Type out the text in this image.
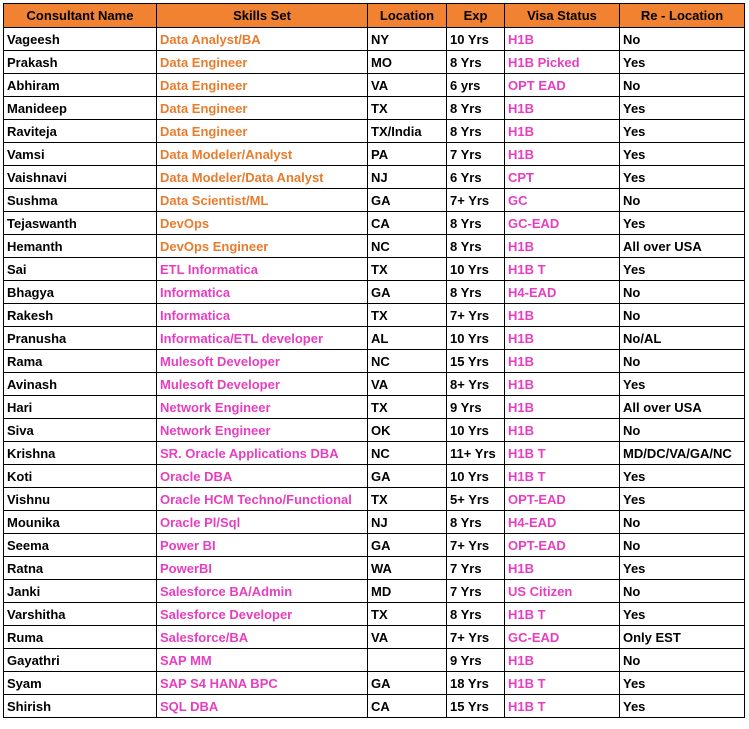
Consultant Name	Skills Set	Location	Exp	Visa Status	Re - Location
Vageesh	Data Analyst/BA	NY	10 Yrs	H1B	No
Prakash	Data Engineer	MO	8 Yrs	H1B Picked	Yes
Abhiram	Data Engineer	VA	6 yrs	OPT EAD	No
Manideep	Data Engineer	TX	8 Yrs	H1B	Yes
Raviteja	Data Engineer	TX/India	8 Yrs	H1B	Yes
Vamsi	Data Modeler/Analyst	PA	7 Yrs	H1B	Yes
Vaishnavi	Data Modeler/Data Analyst	NJ	6 Yrs	CPT	Yes
Sushma	Data Scientist/ML	GA	7+ Yrs	GC	No
Tejaswanth	DevOps	CA	8 Yrs	GC-EAD	Yes
Hemanth	DevOps Engineer	NC	8 Yrs	H1B	All over USA
Sai	ETL Informatica	TX	10 Yrs	H1B T	Yes
Bhagya	Informatica	GA	8 Yrs	H4-EAD	No
Rakesh	Informatica	TX	7+ Yrs	H1B	No
Pranusha	Informatica/ETL developer	AL	10 Yrs	H1B	No/AL
Rama	Mulesoft Developer	NC	15 Yrs	H1B	No
Avinash	Mulesoft Developer	VA	8+ Yrs	H1B	Yes
Hari	Network Engineer	TX	9 Yrs	H1B	All over USA
Siva	Network Engineer	OK	10 Yrs	H1B	No
Krishna	SR. Oracle Applications DBA	NC	11+ Yrs	H1B T	MD/DC/VA/GA/NC
Koti	Oracle DBA	GA	10 Yrs	H1B T	Yes
Vishnu	Oracle HCM Techno/Functional	TX	5+ Yrs	OPT-EAD	Yes
Mounika	Oracle Pl/Sql	NJ	8 Yrs	H4-EAD	No
Seema	Power BI	GA	7+ Yrs	OPT-EAD	No
Ratna	PowerBI	WA	7 Yrs	H1B	Yes
Janki	Salesforce BA/Admin	MD	7 Yrs	US Citizen	No
Varshitha	Salesforce Developer	TX	8 Yrs	H1B T	Yes
Ruma	Salesforce/BA	VA	7+ Yrs	GC-EAD	Only EST
Gayathri	SAP MM		9 Yrs	H1B	No
Syam	SAP S4 HANA BPC	GA	18 Yrs	H1B T	Yes
Shirish	SQL DBA	CA	15 Yrs	H1B T	Yes
